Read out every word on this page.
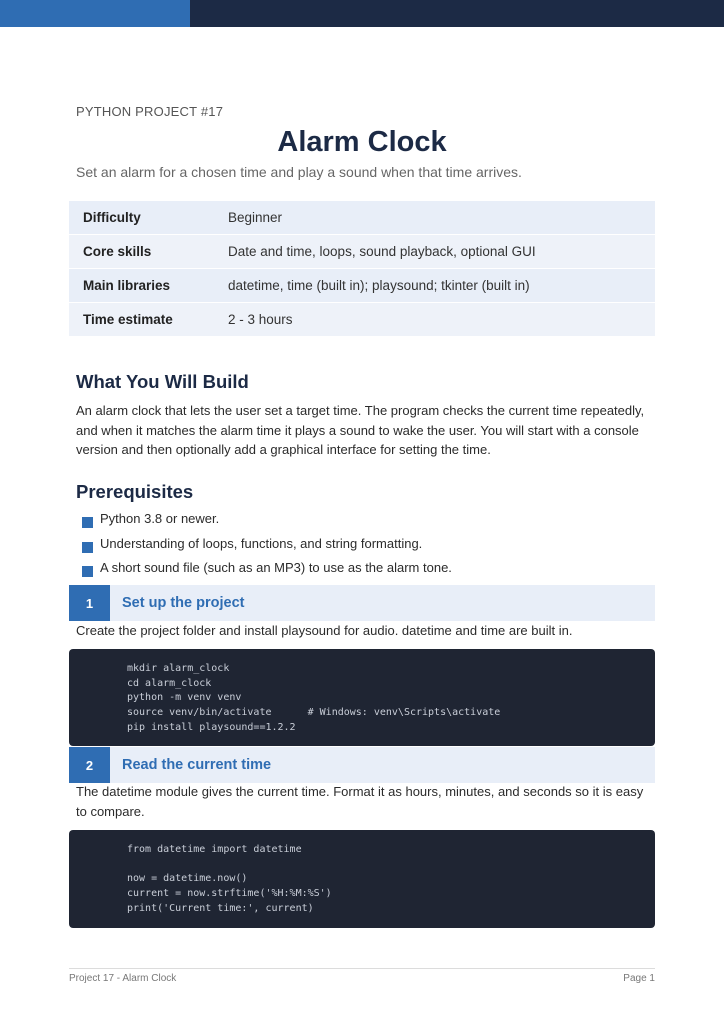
PYTHON PROJECT #17
Alarm Clock
Set an alarm for a chosen time and play a sound when that time arrives.
Difficulty	Beginner
Core skills	Date and time, loops, sound playback, optional GUI
Main libraries	datetime, time (built in); playsound; tkinter (built in)
Time estimate	2 - 3 hours
What You Will Build

An alarm clock that lets the user set a target time. The program checks the current time repeatedly, and when it matches the alarm time it plays a sound to wake the user. You will start with a console version and then optionally add a graphical interface for setting the time.

Prerequisites
Python 3.8 or newer.
Understanding of loops, functions, and string formatting.
A short sound file (such as an MP3) to use as the alarm tone.
1	Set up the project

Create the project folder and install playsound for audio. datetime and time are built in.

mkdir alarm_clock
cd alarm_clock
python -m venv venv
source venv/bin/activate      # Windows: venv\Scripts\activate
pip install playsound==1.2.2
2	Read the current time

The datetime module gives the current time. Format it as hours, minutes, and seconds so it is easy to compare.

from datetime import datetime

now = datetime.now()
current = now.strftime('%H:%M:%S')
print('Current time:', current)
Project 17 - Alarm Clock	Page 1
